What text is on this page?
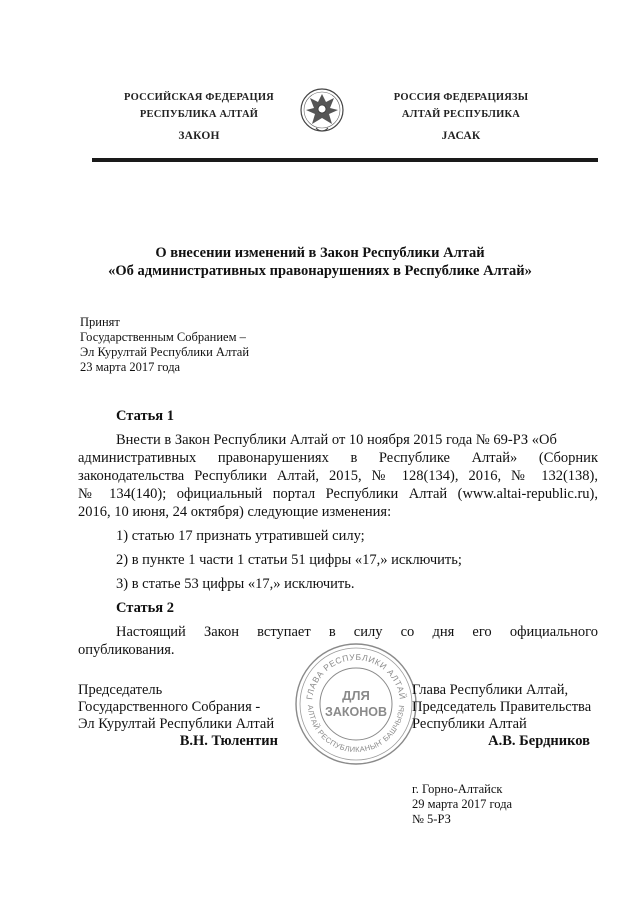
РОССИЙСКАЯ ФЕДЕРАЦИЯ
РЕСПУБЛИКА АЛТАЙ
ЗАКОН
РОССИЯ ФЕДЕРАЦИЯЗЫ
АЛТАЙ РЕСПУБЛИКА
ЈАСАК
О внесении изменений в Закон Республики Алтай
«Об административных правонарушениях в Республике Алтай»
Принят
Государственным Собранием –
Эл Курултай Республики Алтай
23 марта 2017 года
Статья 1
Внести в Закон Республики Алтай от 10 ноября 2015 года № 69-РЗ «Об
административных правонарушениях в Республике Алтай» (Сборник
законодательства Республики Алтай, 2015, № 128(134), 2016, № 132(138),
№ 134(140); официальный портал Республики Алтай (www.altai-republic.ru),
2016, 10 июня, 24 октября) следующие изменения:
1) статью 17 признать утратившей силу;
2) в пункте 1 части 1 статьи 51 цифры «17,» исключить;
3) в статье 53 цифры «17,» исключить.
Статья 2
Настоящий Закон вступает в силу со дня его официального
опубликования.
ГЛАВА РЕСПУБЛИКИ АЛТАЙ
АЛТАЙ РЕСПУБЛИКАНЫҤ БАШЧЫЗЫ
ДЛЯ
ЗАКОНОВ
Председатель
Государственного Собрания -
Эл Курултай Республики Алтай
В.Н. Тюлентин
Глава Республики Алтай,
Председатель Правительства
Республики Алтай
А.В. Бердников
г. Горно-Алтайск
29 марта 2017 года
№ 5-РЗ
